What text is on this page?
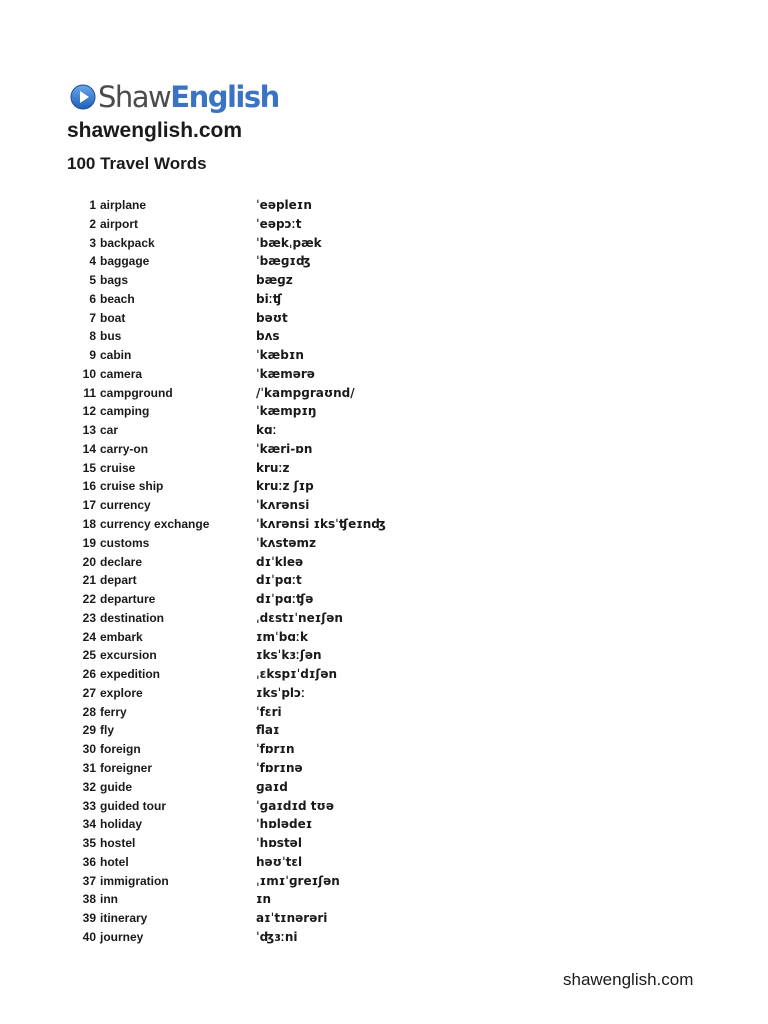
Shaw English
shawenglish.com
100 Travel Words
1 airplane	ˈeəpleɪn
2 airport	ˈeəpɔːt
3 backpack	ˈbækˌpæk
4 baggage	ˈbæɡɪʤ
5 bags	bæɡz
6 beach	biːʧ
7 boat	bəʊt
8 bus	bʌs
9 cabin	ˈkæbɪn
10 camera	ˈkæmərə
11 campground	/ˈkampɡraʊnd/
12 camping	ˈkæmpɪŋ
13 car	kɑː
14 carry-on	ˈkæri-ɒn
15 cruise	kruːz
16 cruise ship	kruːz ʃɪp
17 currency	ˈkʌrənsi
18 currency exchange	ˈkʌrənsi ɪksˈʧeɪnʤ
19 customs	ˈkʌstəmz
20 declare	dɪˈkleə
21 depart	dɪˈpɑːt
22 departure	dɪˈpɑːʧə
23 destination	ˌdɛstɪˈneɪʃən
24 embark	ɪmˈbɑːk
25 excursion	ɪksˈkɜːʃən
26 expedition	ˌɛkspɪˈdɪʃən
27 explore	ɪksˈplɔː
28 ferry	ˈfɛri
29 fly	flaɪ
30 foreign	ˈfɒrɪn
31 foreigner	ˈfɒrɪnə
32 guide	ɡaɪd
33 guided tour	ˈɡaɪdɪd tʊə
34 holiday	ˈhɒlədeɪ
35 hostel	ˈhɒstəl
36 hotel	həʊˈtɛl
37 immigration	ˌɪmɪˈɡreɪʃən
38 inn	ɪn
39 itinerary	aɪˈtɪnərəri
40 journey	ˈʤɜːni
shawenglish.com
